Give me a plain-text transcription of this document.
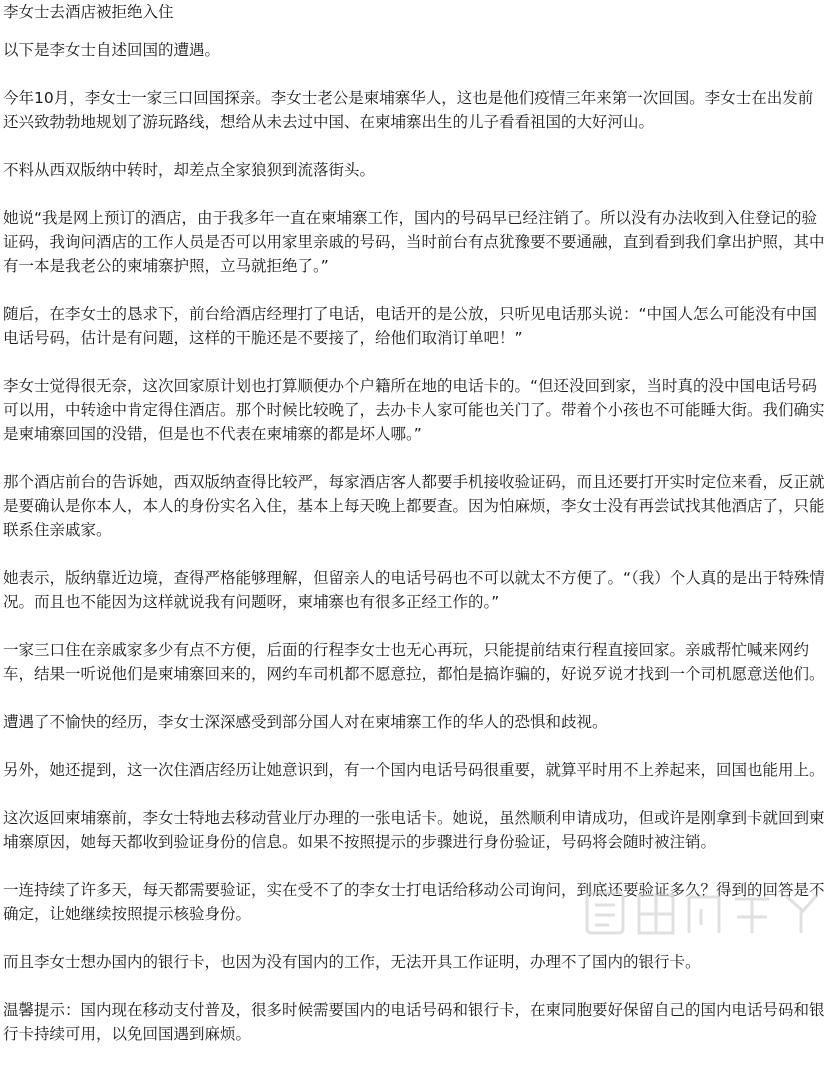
李女士去酒店被拒绝入住

以下是李女士自述回国的遭遇。

今年10月，李女士一家三口回国探亲。李女士老公是柬埔寨华人，这也是他们疫情三年来第一次回国。李女士在出发前还兴致勃勃地规划了游玩路线，想给从未去过中国、在柬埔寨出生的儿子看看祖国的大好河山。

不料从西双版纳中转时，却差点全家狼狈到流落街头。

她说“我是网上预订的酒店，由于我多年一直在柬埔寨工作，国内的号码早已经注销了。所以没有办法收到入住登记的验证码，我询问酒店的工作人员是否可以用家里亲戚的号码，当时前台有点犹豫要不要通融，直到看到我们拿出护照，其中有一本是我老公的柬埔寨护照，立马就拒绝了。”

随后，在李女士的恳求下，前台给酒店经理打了电话，电话开的是公放，只听见电话那头说：“中国人怎么可能没有中国电话号码，估计是有问题，这样的干脆还是不要接了，给他们取消订单吧！”

李女士觉得很无奈，这次回家原计划也打算顺便办个户籍所在地的电话卡的。“但还没回到家，当时真的没中国电话号码可以用，中转途中肯定得住酒店。那个时候比较晚了，去办卡人家可能也关门了。带着个小孩也不可能睡大街。我们确实是柬埔寨回国的没错，但是也不代表在柬埔寨的都是坏人哪。”

那个酒店前台的告诉她，西双版纳查得比较严，每家酒店客人都要手机接收验证码，而且还要打开实时定位来看，反正就是要确认是你本人，本人的身份实名入住，基本上每天晚上都要查。因为怕麻烦，李女士没有再尝试找其他酒店了，只能联系住亲戚家。

她表示，版纳靠近边境，查得严格能够理解，但留亲人的电话号码也不可以就太不方便了。“（我）个人真的是出于特殊情况。而且也不能因为这样就说我有问题呀，柬埔寨也有很多正经工作的。”

一家三口住在亲戚家多少有点不方便，后面的行程李女士也无心再玩，只能提前结束行程直接回家。亲戚帮忙喊来网约车，结果一听说他们是柬埔寨回来的，网约车司机都不愿意拉，都怕是搞诈骗的，好说歹说才找到一个司机愿意送他们。

遭遇了不愉快的经历，李女士深深感受到部分国人对在柬埔寨工作的华人的恐惧和歧视。

另外，她还提到，这一次住酒店经历让她意识到，有一个国内电话号码很重要，就算平时用不上养起来，回国也能用上。

这次返回柬埔寨前，李女士特地去移动营业厅办理的一张电话卡。她说，虽然顺利申请成功，但或许是刚拿到卡就回到柬埔寨原因，她每天都收到验证身份的信息。如果不按照提示的步骤进行身份验证，号码将会随时被注销。

一连持续了许多天，每天都需要验证，实在受不了的李女士打电话给移动公司询问，到底还要验证多久？得到的回答是不确定，让她继续按照提示核验身份。

而且李女士想办国内的银行卡，也因为没有国内的工作，无法开具工作证明，办理不了国内的银行卡。

温馨提示：国内现在移动支付普及，很多时候需要国内的电话号码和银行卡，在柬同胞要好保留自己的国内电话号码和银行卡持续可用，以免回国遇到麻烦。
